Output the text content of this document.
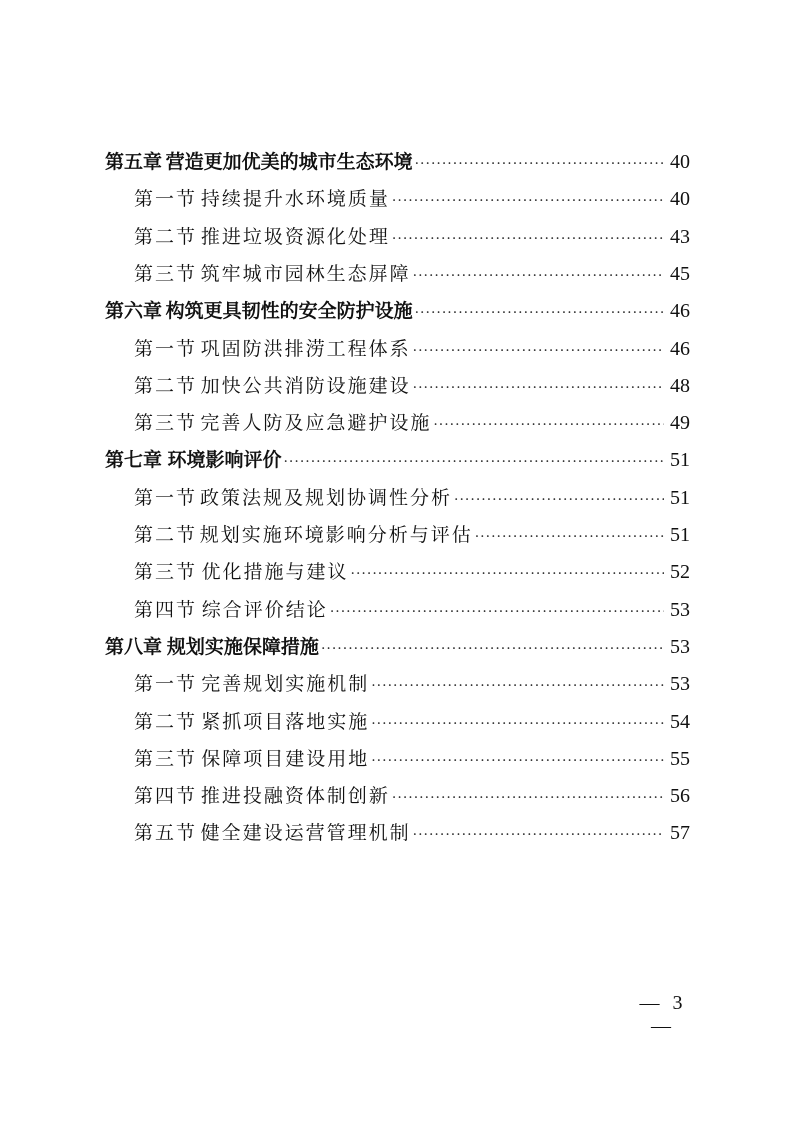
第五章 营造更加优美的城市生态环境 ·····	40
第一节 持续提升水环境质量 ·····	40
第二节 推进垃圾资源化处理 ·····	43
第三节 筑牢城市园林生态屏障 ·····	45
第六章 构筑更具韧性的安全防护设施 ·····	46
第一节 巩固防洪排涝工程体系 ·····	46
第二节 加快公共消防设施建设 ·····	48
第三节 完善人防及应急避护设施 ·····	49
第七章 环境影响评价 ·····	51
第一节 政策法规及规划协调性分析 ·····	51
第二节 规划实施环境影响分析与评估 ·····	51
第三节 优化措施与建议 ·····	52
第四节 综合评价结论 ·····	53
第八章 规划实施保障措施 ·····	53
第一节 完善规划实施机制 ·····	53
第二节 紧抓项目落地实施 ·····	54
第三节 保障项目建设用地 ·····	55
第四节 推进投融资体制创新 ·····	56
第五节 健全建设运营管理机制 ·····	57
— 3 —
